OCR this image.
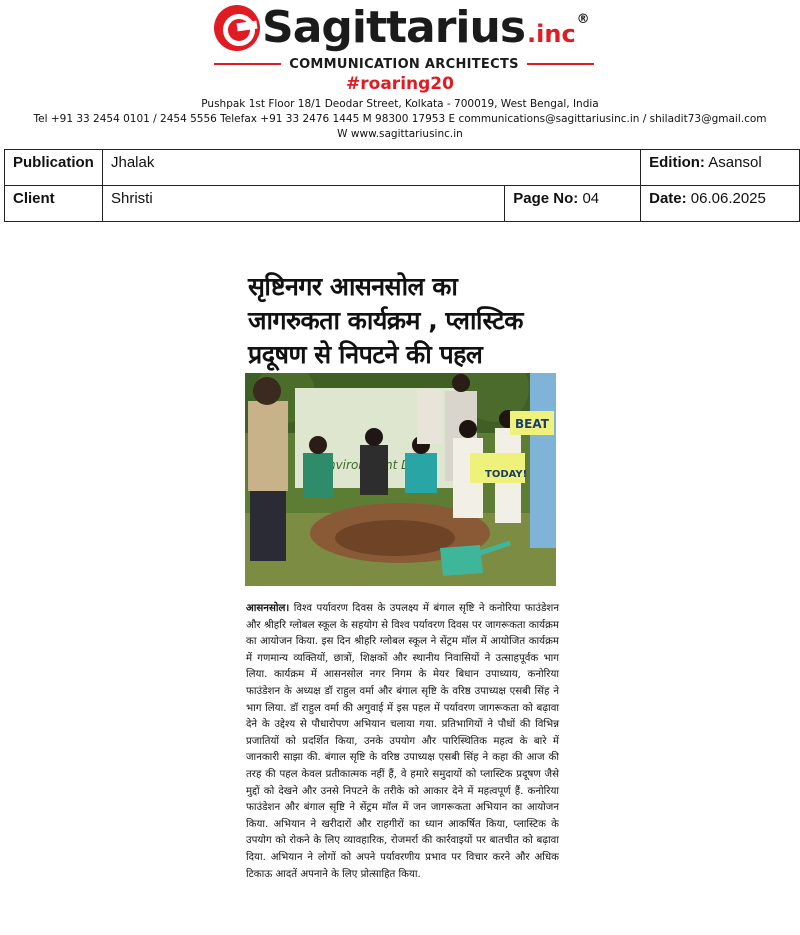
Sagittarius .inc
®
COMMUNICATION ARCHITECTS
#roaring20
Pushpak 1st Floor 18/1 Deodar Street, Kolkata - 700019, West Bengal, India
Tel +91 33 2454 0101 / 2454 5556 Telefax +91 33 2476 1445 M 98300 17953 E communications@sagittariusinc.in / shiladit73@gmail.com
W www.sagittariusinc.in
Publication	Jhalak		Edition: Asansol
Client	Shristi	Page No: 04	Date: 06.06.2025
सृष्टिनगर आसनसोल का
जागरुकता कार्यक्रम , प्लास्टिक
प्रदूषण से निपटने की पहल
Environment
BEAT
TODAY!
आसनसोल। विश्व पर्यावरण दिवस के उपलक्ष्य में बंगाल सृष्टि ने कनोरिया फाउंडेशन और श्रीहरि ग्लोबल स्कूल के सहयोग से विश्व पर्यावरण दिवस पर जागरूकता कार्यक्रम का आयोजन किया. इस दिन श्रीहरि ग्लोबल स्कूल ने सेंट्रम मॉल में आयोजित कार्यक्रम में गणमान्य व्यक्तियों, छात्रों, शिक्षकों और स्थानीय निवासियों ने उत्साहपूर्वक भाग लिया. कार्यक्रम में आसनसोल नगर निगम के मेयर बिधान उपाध्याय, कनोरिया फाउंडेशन के अध्यक्ष डॉ राहुल वर्मा और बंगाल सृष्टि के वरिष्ठ उपाध्यक्ष एसबी सिंह ने भाग लिया. डॉ राहुल वर्मा की अगुवाई में इस पहल में पर्यावरण जागरूकता को बढ़ावा देने के उद्देश्य से पौधारोपण अभियान चलाया गया. प्रतिभागियों ने पौधों की विभिन्न प्रजातियों को प्रदर्शित किया, उनके उपयोग और पारिस्थितिक महत्व के बारे में जानकारी साझा की. बंगाल सृष्टि के वरिष्ठ उपाध्यक्ष एसबी सिंह ने कहा की आज की तरह की पहल केवल प्रतीकात्मक नहीं हैं, वे हमारे समुदायों को प्लास्टिक प्रदूषण जैसे मुद्दों को देखने और उनसे निपटने के तरीके को आकार देने में महत्वपूर्ण हैं. कनोरिया फाउंडेशन और बंगाल सृष्टि ने सेंट्रम मॉल में जन जागरूकता अभियान का आयोजन किया. अभियान ने खरीदारों और राहगीरों का ध्यान आकर्षित किया, प्लास्टिक के उपयोग को रोकने के लिए व्यावहारिक, रोजमर्रा की कार्रवाइयों पर बातचीत को बढ़ावा दिया. अभियान ने लोगों को अपने पर्यावरणीय प्रभाव पर विचार करने और अधिक टिकाऊ आदतें अपनाने के लिए प्रोत्साहित किया.
